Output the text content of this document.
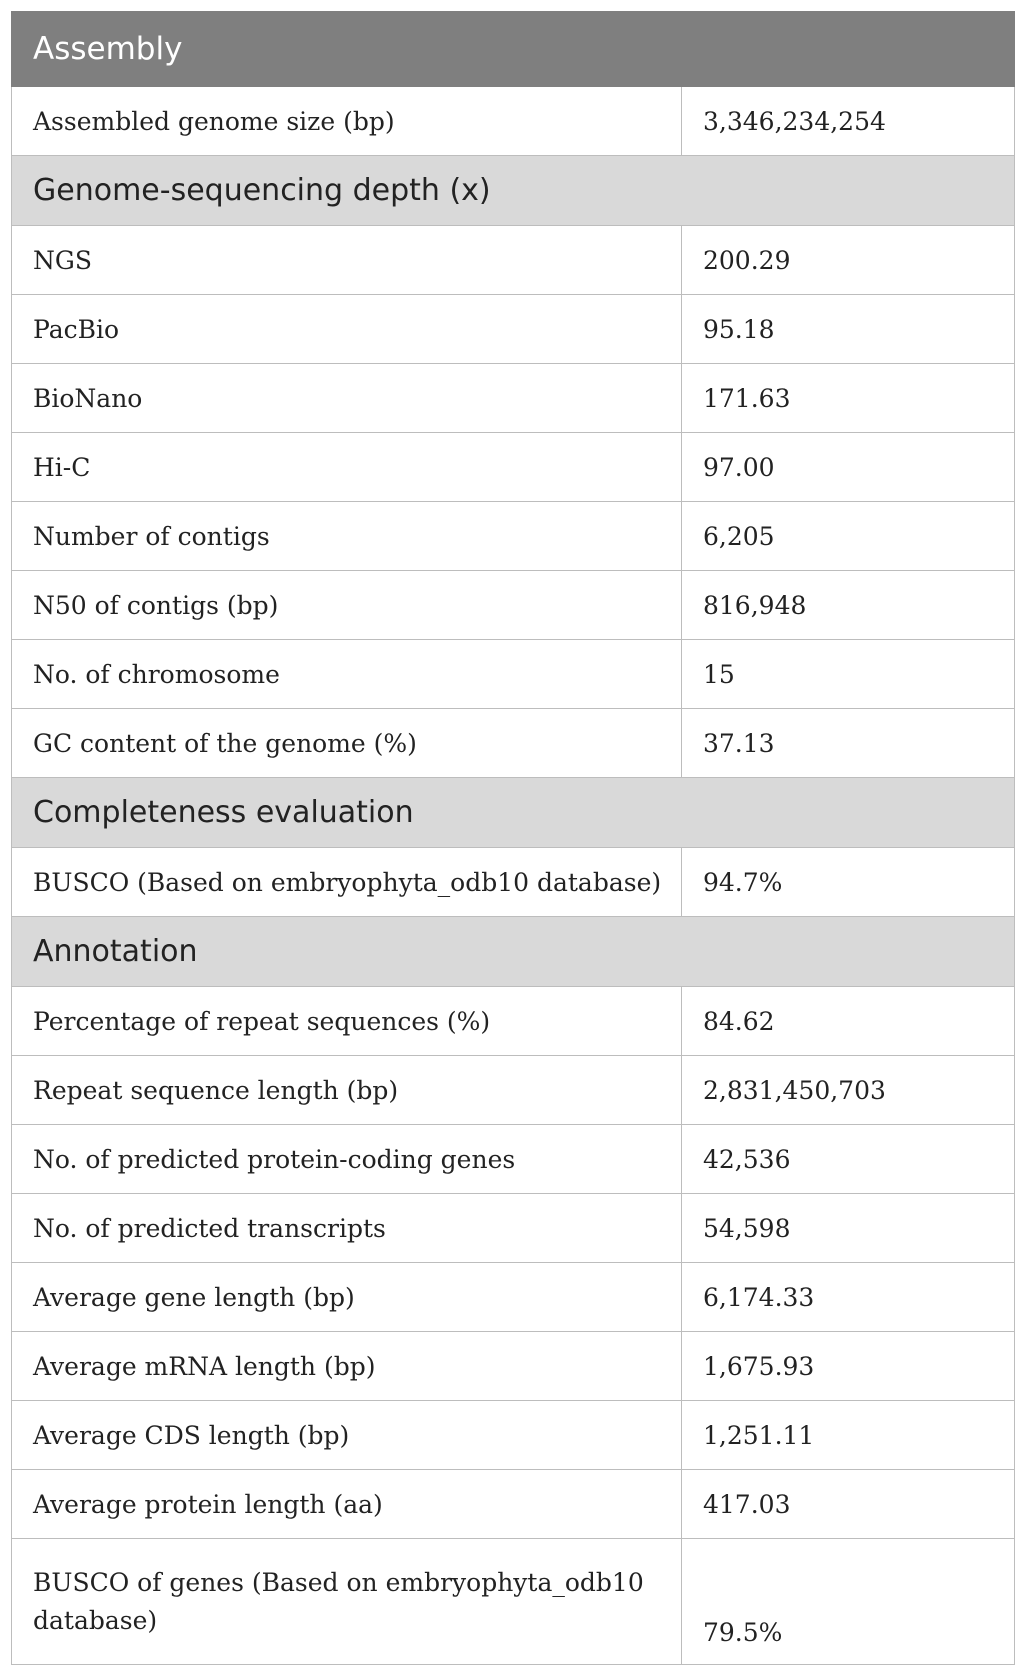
Assembly	
Assembled genome size (bp)	3,346,234,254
Genome-sequencing depth (x)	
NGS	200.29
PacBio	95.18
BioNano	171.63
Hi-C	97.00
Number of contigs	6,205
N50 of contigs (bp)	816,948
No. of chromosome	15
GC content of the genome (%)	37.13
Completeness evaluation	
BUSCO (Based on embryophyta_odb10 database)	94.7%
Annotation	
Percentage of repeat sequences (%)	84.62
Repeat sequence length (bp)	2,831,450,703
No. of predicted protein-coding genes	42,536
No. of predicted transcripts	54,598
Average gene length (bp)	6,174.33
Average mRNA length (bp)	1,675.93
Average CDS length (bp)	1,251.11
Average protein length (aa)	417.03
BUSCO of genes (Based on embryophyta_odb10 database)	79.5%
